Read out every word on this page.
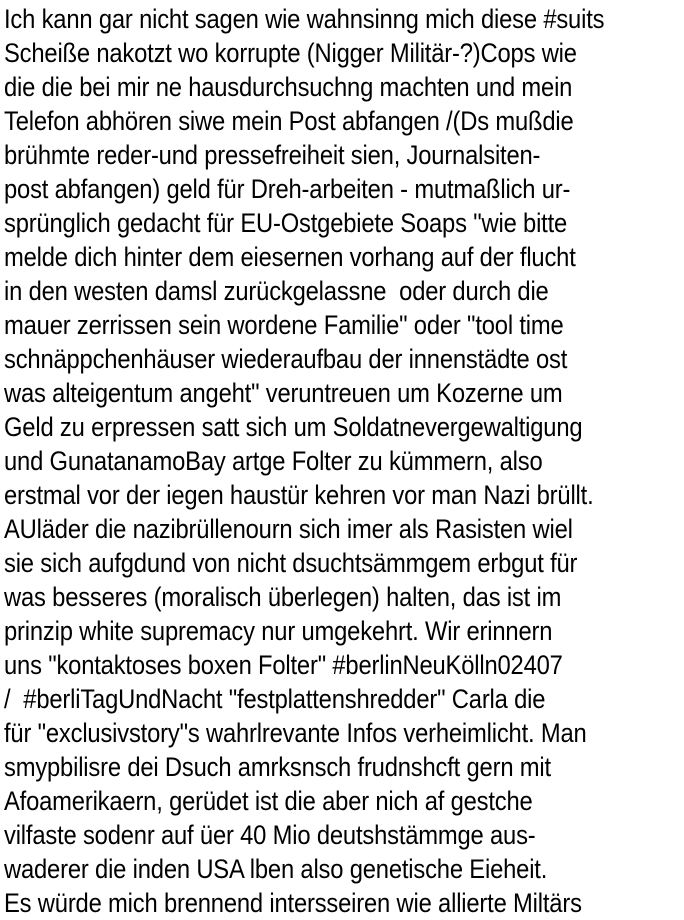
Ich kann gar nicht sagen wie wahnsinng mich diese #suits
Scheiße nakotzt wo korrupte (Nigger Militär-?)Cops wie
die die bei mir ne hausdurchsuchng machten und mein
Telefon abhören siwe mein Post abfangen /(Ds mußdie
brühmte reder-und pressefreiheit sien, Journalsiten-
post abfangen) geld für Dreh-arbeiten - mutmaßlich ur-
sprünglich gedacht für EU-Ostgebiete Soaps "wie bitte
melde dich hinter dem eiesernen vorhang auf der flucht
in den westen damsl zurückgelassne  oder durch die
mauer zerrissen sein wordene Familie" oder "tool time
schnäppchenhäuser wiederaufbau der innenstädte ost
was alteigentum angeht" veruntreuen um Kozerne um
Geld zu erpressen satt sich um Soldatnevergewaltigung
und GunatanamoBay artge Folter zu kümmern, also
erstmal vor der iegen haustür kehren vor man Nazi brüllt.
AUläder die nazibrüllenourn sich imer als Rasisten wiel
sie sich aufgdund von nicht dsuchtsämmgem erbgut für
was besseres (moralisch überlegen) halten, das ist im
prinzip white supremacy nur umgekehrt. Wir erinnern
uns "kontaktoses boxen Folter" #berlinNeuKölln02407
/  #berliTagUndNacht "festplattenshredder" Carla die
für "exclusivstory"s wahrlrevante Infos verheimlicht. Man
smypbilisre dei Dsuch amrksnsch frudnshcft gern mit
Afoamerikaern, gerüdet ist die aber nich af gestche
vilfaste sodenr auf üer 40 Mio deutshstämmge aus-
waderer die inden USA lben also genetische Eieheit.
Es würde mich brennend intersseiren wie allierte Miltärs
